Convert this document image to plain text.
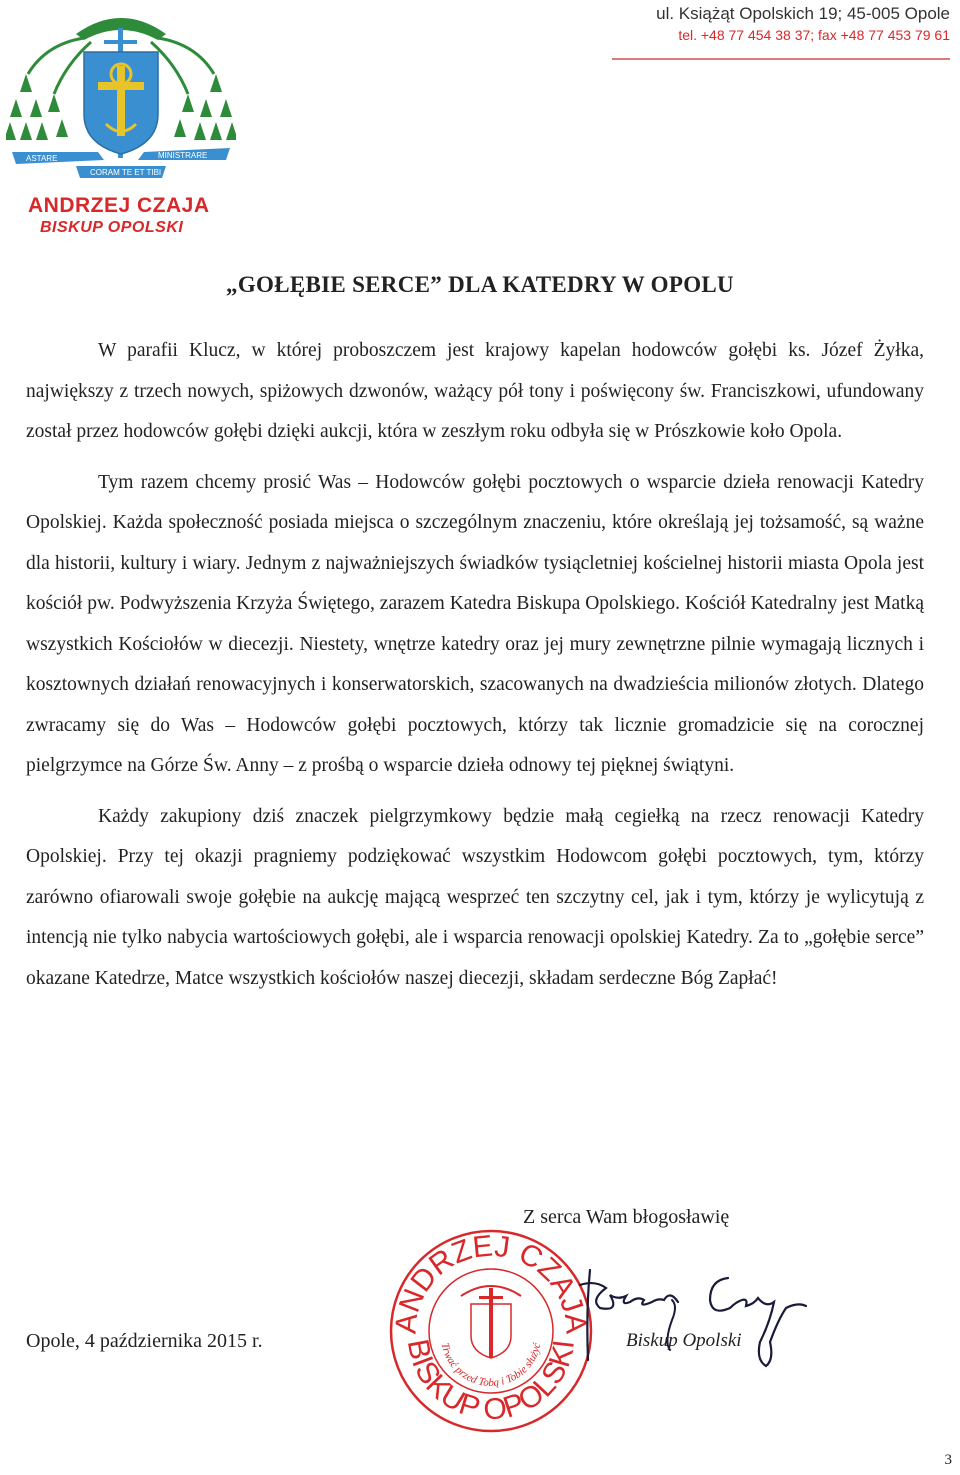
ASTARE	MINISTRARE
CORAM TE ET TIBI
ANDRZEJ CZAJA
BISKUP OPOLSKI
ul. Książąt Opolskich 19; 45-005 Opole
tel. +48 77 454 38 37; fax +48 77 453 79 61
„GOŁĘBIE SERCE” DLA KATEDRY W OPOLU

W parafii Klucz, w której proboszczem jest krajowy kapelan hodowców gołębi ks. Józef Żyłka, największy z trzech nowych, spiżowych dzwonów, ważący pół tony i poświęcony św. Franciszkowi, ufundowany został przez hodowców gołębi dzięki aukcji, która w zeszłym roku odbyła się w Prószkowie koło Opola.

Tym razem chcemy prosić Was – Hodowców gołębi pocztowych o wsparcie dzieła renowacji Katedry Opolskiej. Każda społeczność posiada miejsca o szczególnym znaczeniu, które określają jej tożsamość, są ważne dla historii, kultury i wiary. Jednym z najważniejszych świadków tysiącletniej kościelnej historii miasta Opola jest kościół pw. Podwyższenia Krzyża Świętego, zarazem Katedra Biskupa Opolskiego. Kościół Katedralny jest Matką wszystkich Kościołów w diecezji. Niestety, wnętrze katedry oraz jej mury zewnętrzne pilnie wymagają licznych i kosztownych działań renowacyjnych i konserwatorskich, szacowanych na dwadzieścia milionów złotych. Dlatego zwracamy się do Was – Hodowców gołębi pocztowych, którzy tak licznie gromadzicie się na corocznej pielgrzymce na Górze Św. Anny – z prośbą o wsparcie dzieła odnowy tej pięknej świątyni.

Każdy zakupiony dziś znaczek pielgrzymkowy będzie małą cegiełką na rzecz renowacji Katedry Opolskiej. Przy tej okazji pragniemy podziękować wszystkim Hodowcom gołębi pocztowych, tym, którzy zarówno ofiarowali swoje gołębie na aukcję mającą wesprzeć ten szczytny cel, jak i tym, którzy je wylicytują z intencją nie tylko nabycia wartościowych gołębi, ale i wsparcia renowacji opolskiej Katedry. Za to „gołębie serce” okazane Katedrze, Matce wszystkich kościołów naszej diecezji, składam serdeczne Bóg Zapłać!

Z serca Wam błogosławię
ANDRZEJ CZAJA
BISKUP OPOLSKI
Trwać przed Tobą i Tobie służyć
Opole, 4 października 2015 r.	Biskup Opolski
3
